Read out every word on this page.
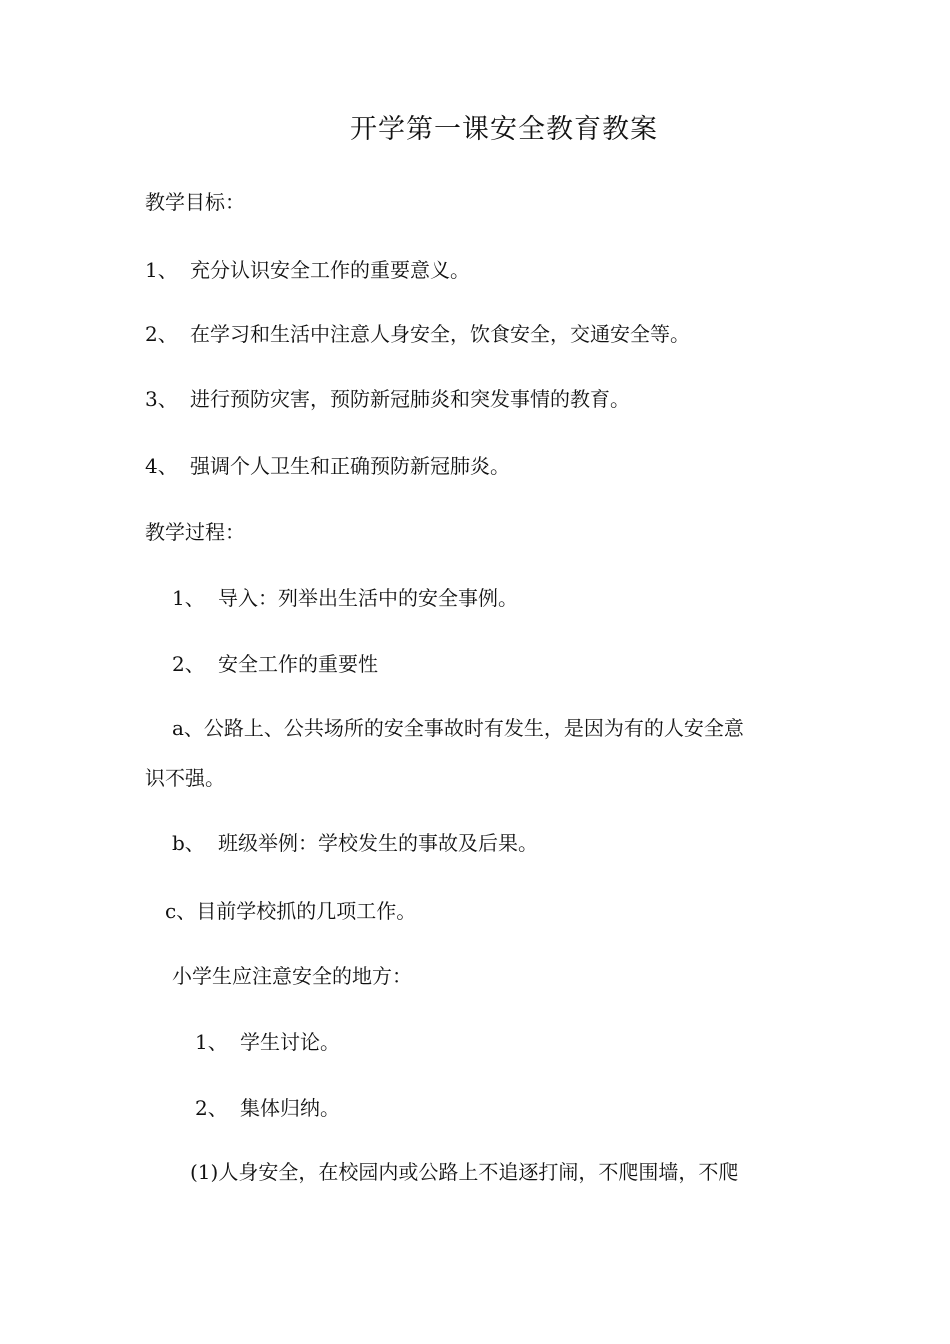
开学第一课安全教育教案
教学目标：
1、 充分认识安全工作的重要意义。
2、 在学习和生活中注意人身安全，饮食安全，交通安全等。
3、 进行预防灾害，预防新冠肺炎和突发事情的教育。
4、 强调个人卫生和正确预防新冠肺炎。
教学过程：
1、 导入：列举出生活中的安全事例。
2、 安全工作的重要性
a、公路上、公共场所的安全事故时有发生，是因为有的人安全意
识不强。
b、 班级举例：学校发生的事故及后果。
c、目前学校抓的几项工作。
小学生应注意安全的地方：
1、 学生讨论。
2、 集体归纳。
(1)人身安全，在校园内或公路上不追逐打闹，不爬围墙，不爬
